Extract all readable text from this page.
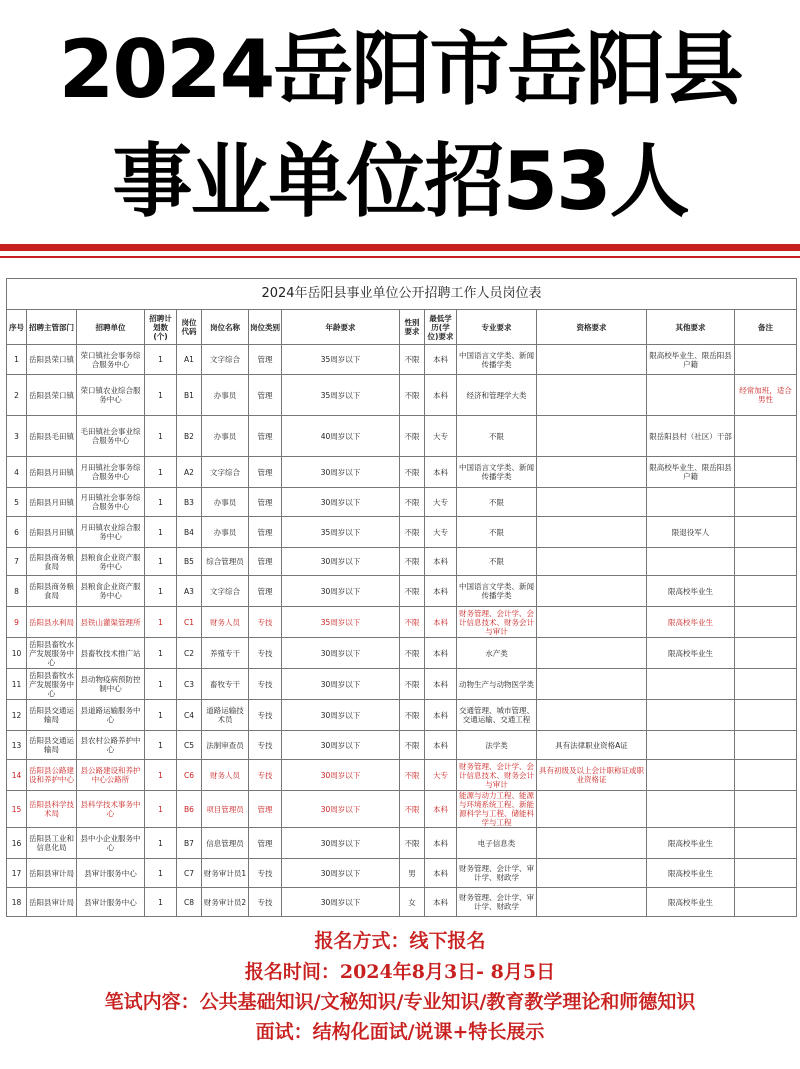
2024岳阳市岳阳县
事业单位招53人
2024年岳阳县事业单位公开招聘工作人员岗位表
序号	招聘主管部门	招聘单位	招聘计划数(个)	岗位代码	岗位名称	岗位类别	年龄要求	性别要求	最低学历(学位)要求	专业要求	资格要求	其他要求	备注
1	岳阳县荣口镇	荣口镇社会事务综合服务中心	1	A1	文字综合	管理	35周岁以下	不限	本科	中国语言文学类、新闻传播学类		限高校毕业生、限岳阳县户籍	
2	岳阳县荣口镇	荣口镇农业综合服务中心	1	B1	办事员	管理	35周岁以下	不限	本科	经济和管理学大类			经常加班，适合男性
3	岳阳县毛田镇	毛田镇社会事业综合服务中心	1	B2	办事员	管理	40周岁以下	不限	大专	不限		限岳阳县村（社区）干部	
4	岳阳县月田镇	月田镇社会事务综合服务中心	1	A2	文字综合	管理	30周岁以下	不限	本科	中国语言文学类、新闻传播学类		限高校毕业生、限岳阳县户籍	
5	岳阳县月田镇	月田镇社会事务综合服务中心	1	B3	办事员	管理	30周岁以下	不限	大专	不限			
6	岳阳县月田镇	月田镇农业综合服务中心	1	B4	办事员	管理	35周岁以下	不限	大专	不限		限退役军人	
7	岳阳县商务粮食局	县粮食企业资产服务中心	1	B5	综合管理员	管理	30周岁以下	不限	本科	不限			
8	岳阳县商务粮食局	县粮食企业资产服务中心	1	A3	文字综合	管理	30周岁以下	不限	本科	中国语言文学类、新闻传播学类		限高校毕业生	
9	岳阳县水利局	县铁山灌渠管理所	1	C1	财务人员	专技	35周岁以下	不限	本科	财务管理、会计学、会计信息技术、财务会计与审计		限高校毕业生	
10	岳阳县畜牧水产发展服务中心	县畜牧技术推广站	1	C2	养殖专干	专技	30周岁以下	不限	本科	水产类		限高校毕业生	
11	岳阳县畜牧水产发展服务中心	县动物疫病预防控制中心	1	C3	畜牧专干	专技	30周岁以下	不限	本科	动物生产与动物医学类			
12	岳阳县交通运输局	县道路运输服务中心	1	C4	道路运输技术员	专技	30周岁以下	不限	本科	交通管理、城市管理、交通运输、交通工程			
13	岳阳县交通运输局	县农村公路养护中心	1	C5	法制审查员	专技	30周岁以下	不限	本科	法学类	具有法律职业资格A证		
14	岳阳县公路建设和养护中心	县公路建设和养护中心公路所	1	C6	财务人员	专技	30周岁以下	不限	大专	财务管理、会计学、会计信息技术、财务会计与审计	具有初级及以上会计职称证或职业资格证		
15	岳阳县科学技术局	县科学技术事务中心	1	B6	项目管理员	管理	30周岁以下	不限	本科	能源与动力工程、能源与环境系统工程、新能源科学与工程、储能科学与工程			
16	岳阳县工业和信息化局	县中小企业服务中心	1	B7	信息管理员	管理	30周岁以下	不限	本科	电子信息类		限高校毕业生	
17	岳阳县审计局	县审计服务中心	1	C7	财务审计员1	专技	30周岁以下	男	本科	财务管理、会计学、审计学、财政学		限高校毕业生	
18	岳阳县审计局	县审计服务中心	1	C8	财务审计员2	专技	30周岁以下	女	本科	财务管理、会计学、审计学、财政学		限高校毕业生	
报名方式：线下报名
报名时间：2024年8月3日- 8月5日
笔试内容：公共基础知识/文秘知识/专业知识/教育教学理论和师德知识
面试：结构化面试/说课+特长展示
